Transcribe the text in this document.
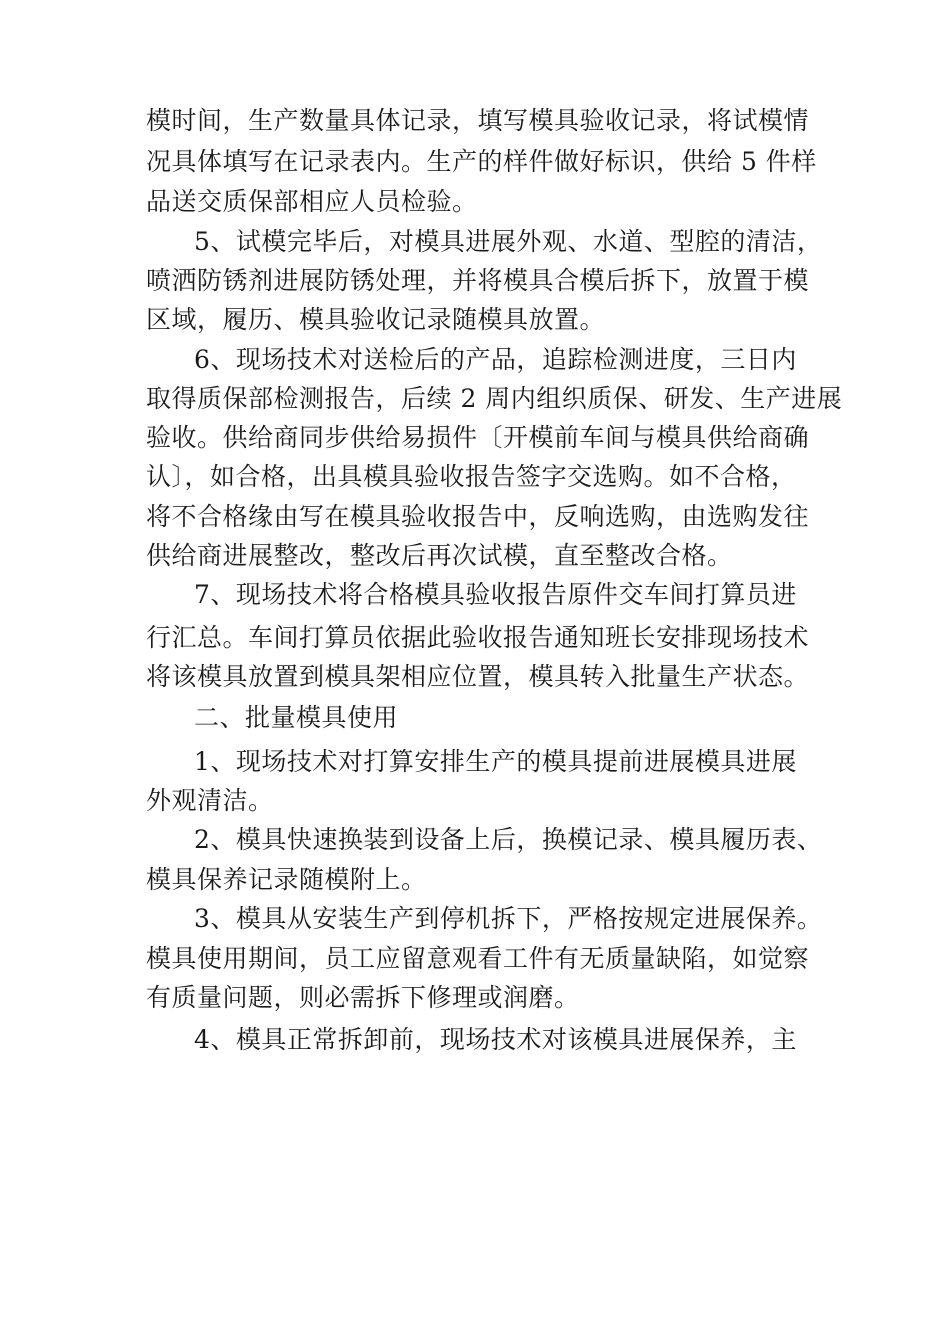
模时间，生产数量具体记录，填写模具验收记录，将试模情
况具体填写在记录表内。生产的样件做好标识，供给 5 件样
品送交质保部相应人员检验。
5、试模完毕后，对模具进展外观、水道、型腔的清洁，
喷洒防锈剂进展防锈处理，并将模具合模后拆下，放置于模
区域，履历、模具验收记录随模具放置。
6、现场技术对送检后的产品，追踪检测进度，三日内
取得质保部检测报告，后续 2 周内组织质保、研发、生产进展
验收。供给商同步供给易损件〔开模前车间与模具供给商确
认〕，如合格，出具模具验收报告签字交选购。如不合格，
将不合格缘由写在模具验收报告中，反响选购，由选购发往
供给商进展整改，整改后再次试模，直至整改合格。
7、现场技术将合格模具验收报告原件交车间打算员进
行汇总。车间打算员依据此验收报告通知班长安排现场技术
将该模具放置到模具架相应位置，模具转入批量生产状态。
二、批量模具使用
1、现场技术对打算安排生产的模具提前进展模具进展
外观清洁。
2、模具快速换装到设备上后，换模记录、模具履历表、
模具保养记录随模附上。
3、模具从安装生产到停机拆下，严格按规定进展保养。
模具使用期间，员工应留意观看工件有无质量缺陷，如觉察
有质量问题，则必需拆下修理或润磨。
4、模具正常拆卸前，现场技术对该模具进展保养，主
